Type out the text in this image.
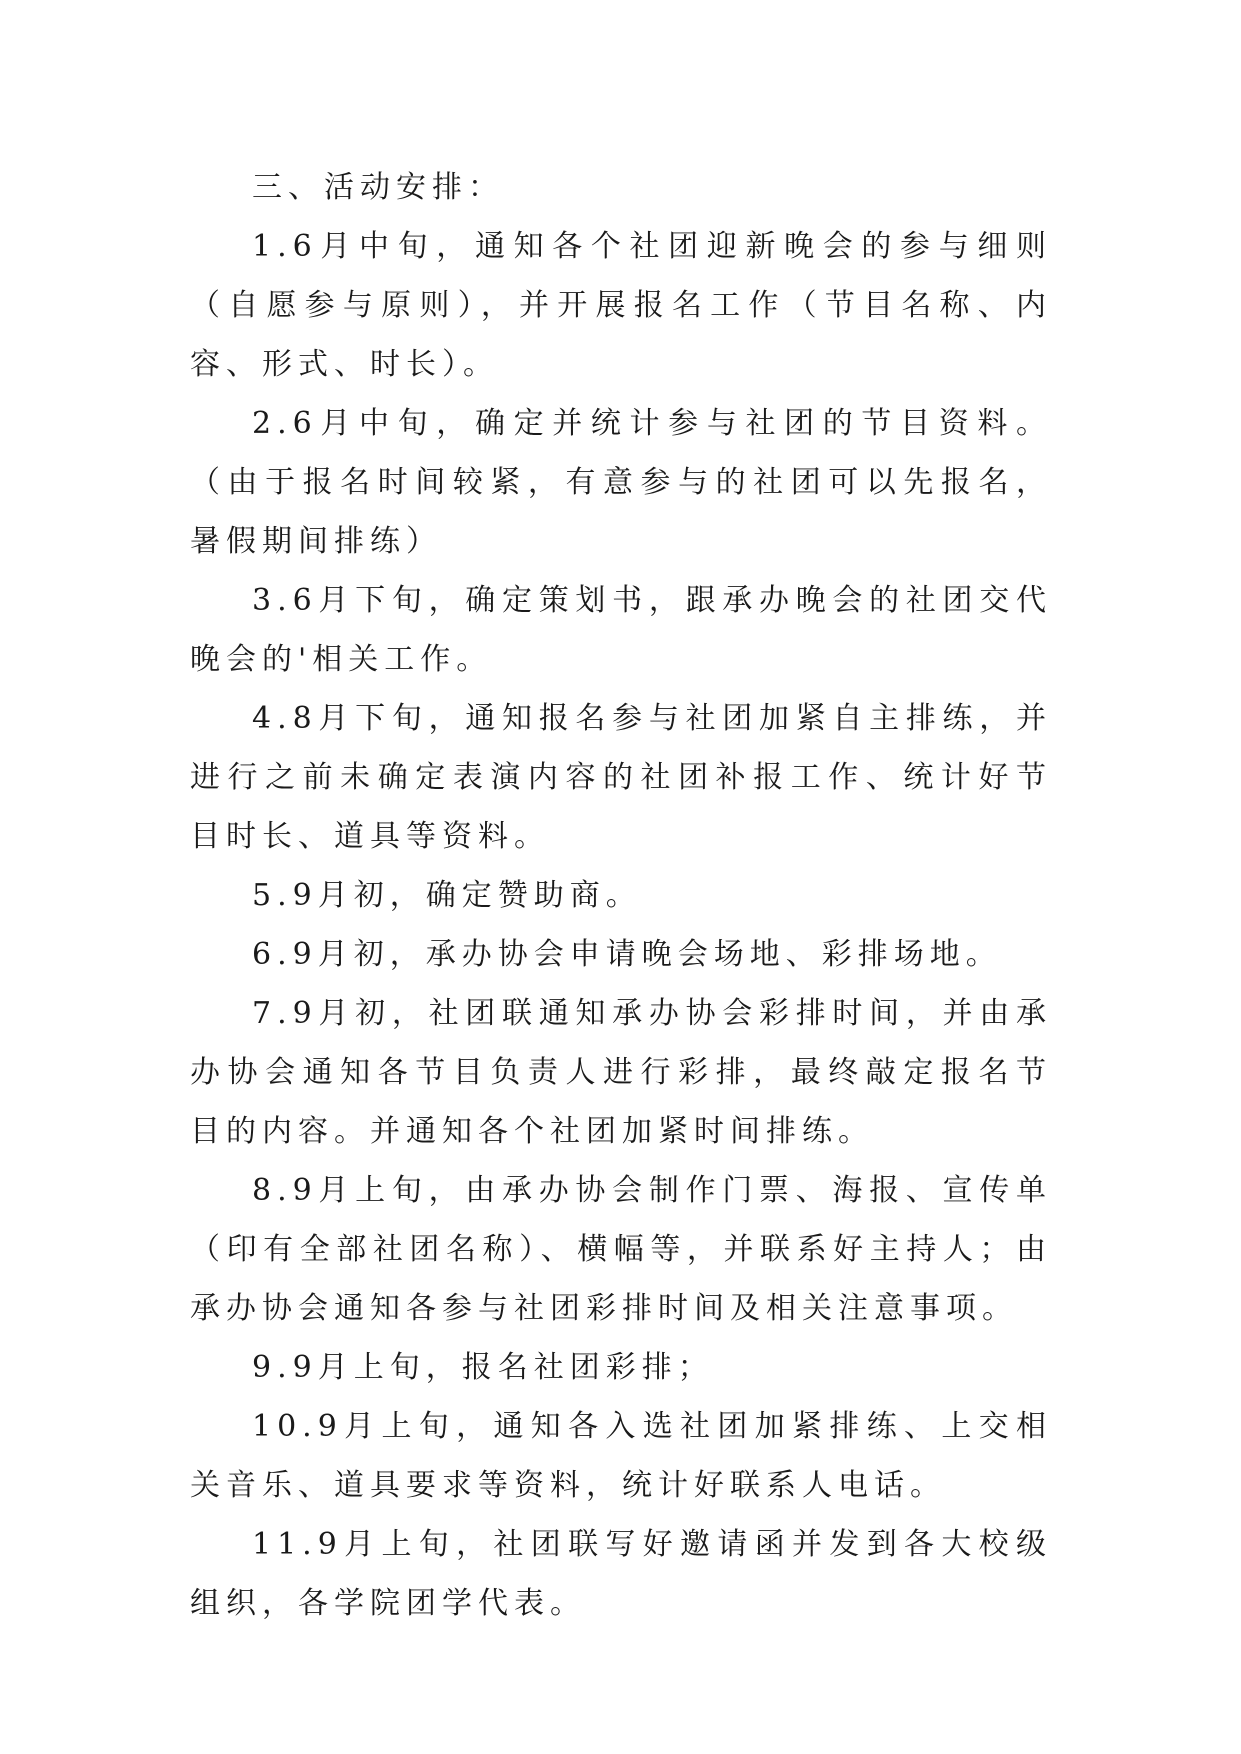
三、活动安排：

1.6月中旬，通知各个社团迎新晚会的参与细则（自愿参与原则），并开展报名工作（节目名称、内容、形式、时长）。

2.6月中旬，确定并统计参与社团的节目资料。（由于报名时间较紧，有意参与的社团可以先报名，暑假期间排练）

3.6月下旬，确定策划书，跟承办晚会的社团交代晚会的'相关工作。

4.8月下旬，通知报名参与社团加紧自主排练，并进行之前未确定表演内容的社团补报工作、统计好节目时长、道具等资料。

5.9月初，确定赞助商。

6.9月初，承办协会申请晚会场地、彩排场地。

7.9月初，社团联通知承办协会彩排时间，并由承办协会通知各节目负责人进行彩排，最终敲定报名节目的内容。并通知各个社团加紧时间排练。

8.9月上旬，由承办协会制作门票、海报、宣传单（印有全部社团名称）、横幅等，并联系好主持人；由承办协会通知各参与社团彩排时间及相关注意事项。

9.9月上旬，报名社团彩排；

10.9月上旬，通知各入选社团加紧排练、上交相关音乐、道具要求等资料，统计好联系人电话。

11.9月上旬，社团联写好邀请函并发到各大校级组织，各学院团学代表。
